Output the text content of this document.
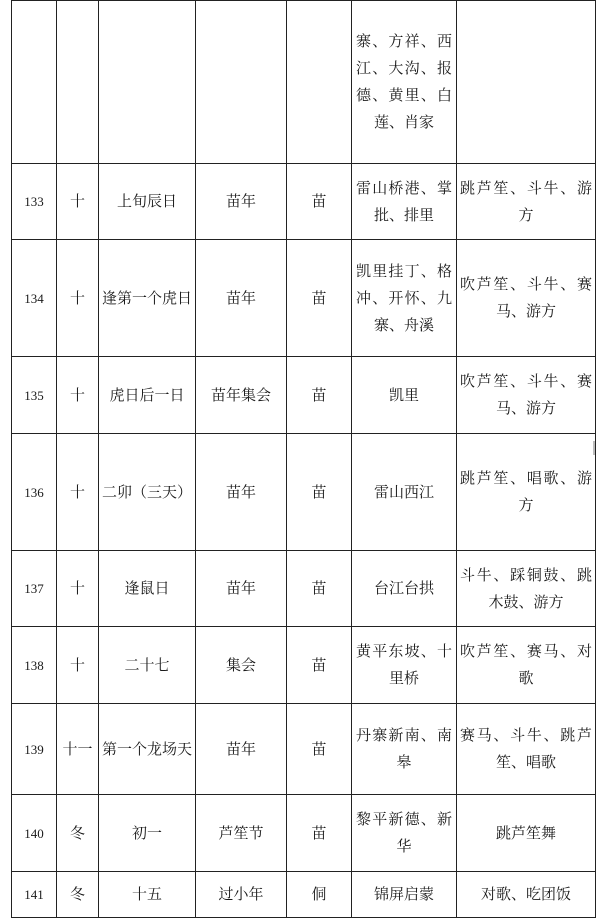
					寨、方祥、西江、大沟、报德、黄里、白莲、肖家	
133	十	上旬辰日	苗年	苗	雷山桥港、掌批、排里	跳芦笙、斗牛、游方
134	十	逢第一个虎日	苗年	苗	凯里挂丁、格冲、开怀、九寨、舟溪	吹芦笙、斗牛、赛马、游方
135	十	虎日后一日	苗年集会	苗	凯里	吹芦笙、斗牛、赛马、游方
136	十	二卯（三天）	苗年	苗	雷山西江	跳芦笙、唱歌、游方
137	十	逢鼠日	苗年	苗	台江台拱	斗牛、踩铜鼓、跳木鼓、游方
138	十	二十七	集会	苗	黄平东坡、十里桥	吹芦笙、赛马、对歌
139	十一	第一个龙场天	苗年	苗	丹寨新南、南皋	赛马、斗牛、跳芦笙、唱歌
140	冬	初一	芦笙节	苗	黎平新德、新华	跳芦笙舞
141	冬	十五	过小年	侗	锦屏启蒙	对歌、吃团饭
